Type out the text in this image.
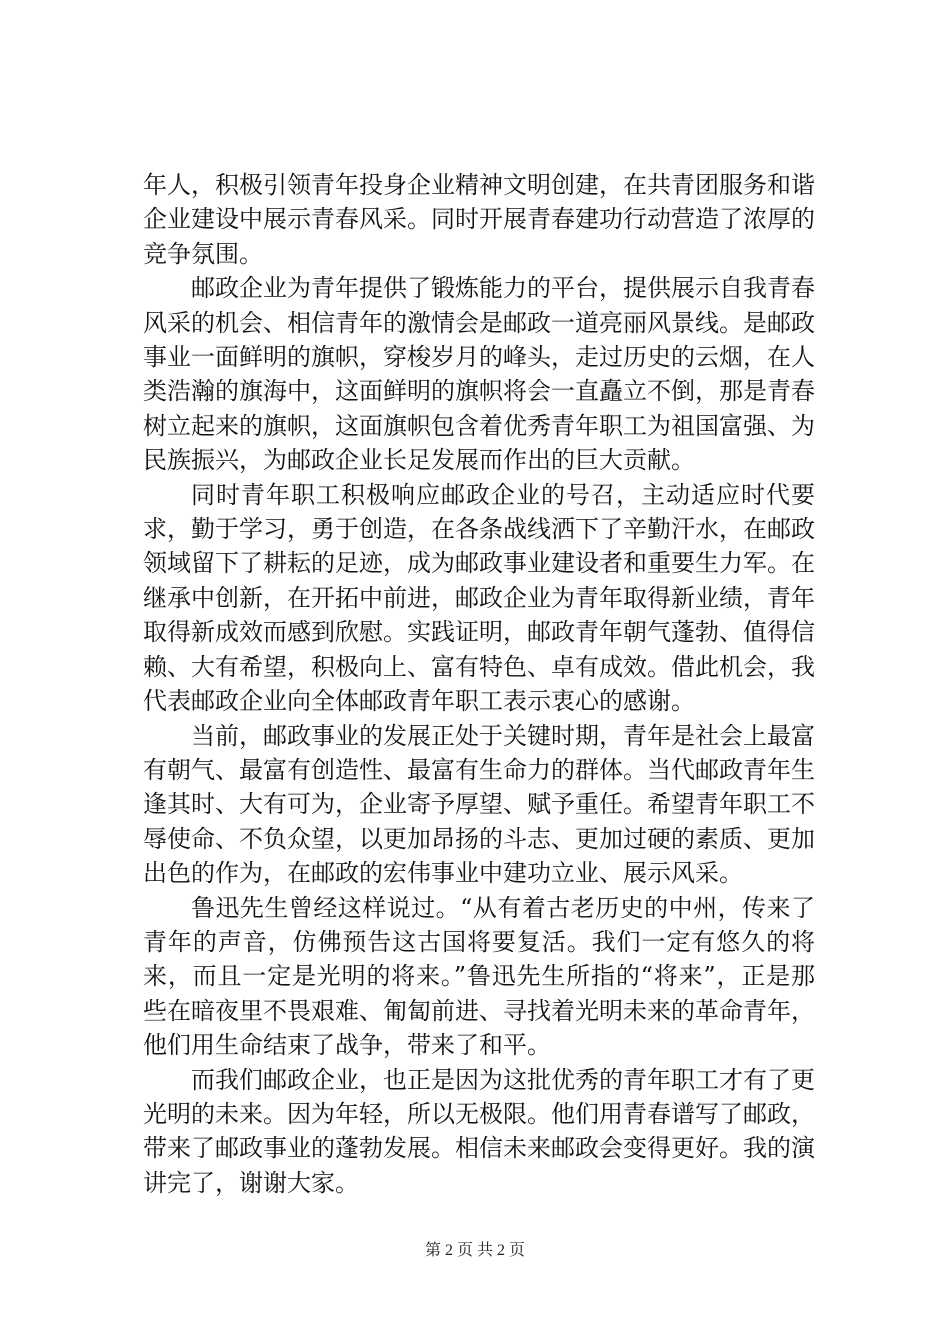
年人，积极引领青年投身企业精神文明创建，在共青团服务和谐企业建设中展示青春风采。同时开展青春建功行动营造了浓厚的竞争氛围。

邮政企业为青年提供了锻炼能力的平台，提供展示自我青春风采的机会、相信青年的激情会是邮政一道亮丽风景线。是邮政事业一面鲜明的旗帜，穿梭岁月的峰头，走过历史的云烟，在人类浩瀚的旗海中，这面鲜明的旗帜将会一直矗立不倒，那是青春树立起来的旗帜，这面旗帜包含着优秀青年职工为祖国富强、为民族振兴，为邮政企业长足发展而作出的巨大贡献。

同时青年职工积极响应邮政企业的号召，主动适应时代要求，勤于学习，勇于创造，在各条战线洒下了辛勤汗水，在邮政领域留下了耕耘的足迹，成为邮政事业建设者和重要生力军。在继承中创新，在开拓中前进，邮政企业为青年取得新业绩，青年取得新成效而感到欣慰。实践证明，邮政青年朝气蓬勃、值得信赖、大有希望，积极向上、富有特色、卓有成效。借此机会，我代表邮政企业向全体邮政青年职工表示衷心的感谢。

当前，邮政事业的发展正处于关键时期，青年是社会上最富有朝气、最富有创造性、最富有生命力的群体。当代邮政青年生逢其时、大有可为，企业寄予厚望、赋予重任。希望青年职工不辱使命、不负众望，以更加昂扬的斗志、更加过硬的素质、更加出色的作为，在邮政的宏伟事业中建功立业、展示风采。

鲁迅先生曾经这样说过。“从有着古老历史的中州，传来了青年的声音，仿佛预告这古国将要复活。我们一定有悠久的将来，而且一定是光明的将来。”鲁迅先生所指的“将来”，正是那些在暗夜里不畏艰难、匍匐前进、寻找着光明未来的革命青年，他们用生命结束了战争，带来了和平。

而我们邮政企业，也正是因为这批优秀的青年职工才有了更光明的未来。因为年轻，所以无极限。他们用青春谱写了邮政，带来了邮政事业的蓬勃发展。相信未来邮政会变得更好。我的演讲完了，谢谢大家。

第 2 页 共 2 页
